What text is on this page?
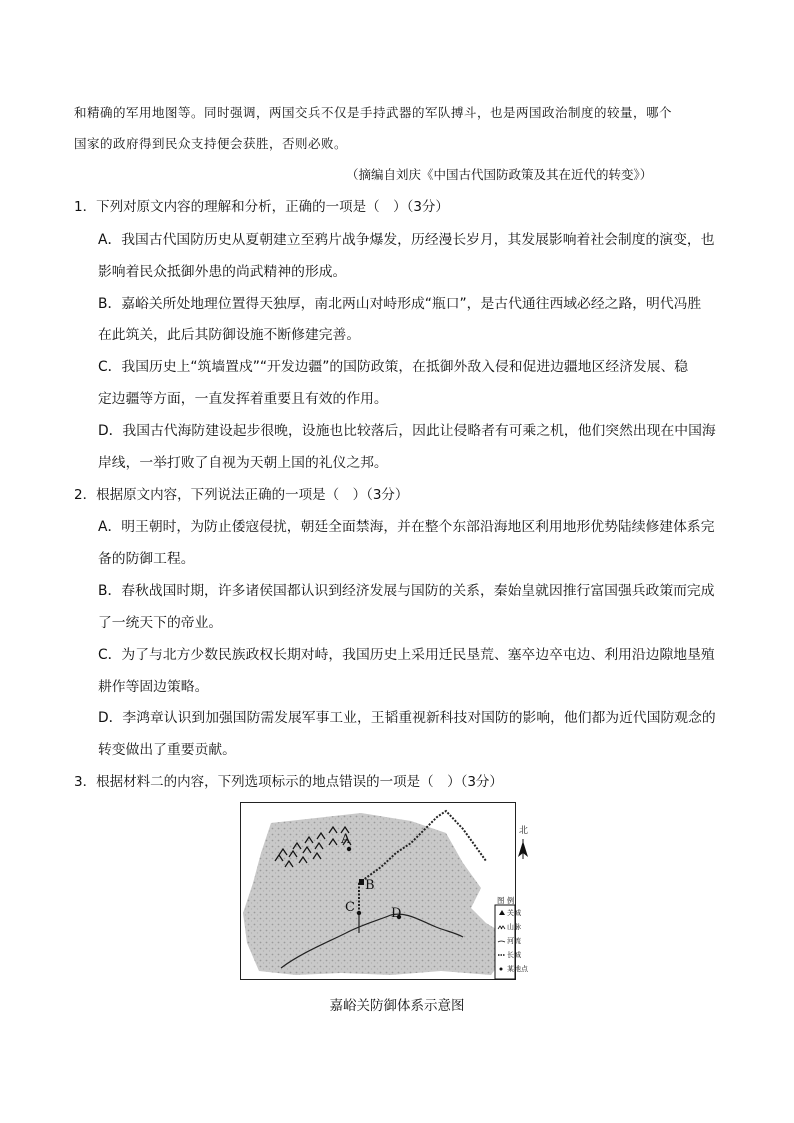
和精确的军用地图等。同时强调，两国交兵不仅是手持武器的军队搏斗，也是两国政治制度的较量，哪个
国家的政府得到民众支持便会获胜，否则必败。
（摘编自刘庆《中国古代国防政策及其在近代的转变》）
1．下列对原文内容的理解和分析，正确的一项是（　）（3分）
A．我国古代国防历史从夏朝建立至鸦片战争爆发，历经漫长岁月，其发展影响着社会制度的演变，也
影响着民众抵御外患的尚武精神的形成。
B．嘉峪关所处地理位置得天独厚，南北两山对峙形成“瓶口”，是古代通往西域必经之路，明代冯胜
在此筑关，此后其防御设施不断修建完善。
C．我国历史上“筑墙置戍”“开发边疆”的国防政策，在抵御外敌入侵和促进边疆地区经济发展、稳
定边疆等方面，一直发挥着重要且有效的作用。
D．我国古代海防建设起步很晚，设施也比较落后，因此让侵略者有可乘之机，他们突然出现在中国海
岸线，一举打败了自视为天朝上国的礼仪之邦。
2．根据原文内容，下列说法正确的一项是（　）（3分）
A．明王朝时，为防止倭寇侵扰，朝廷全面禁海，并在整个东部沿海地区利用地形优势陆续修建体系完
备的防御工程。
B．春秋战国时期，许多诸侯国都认识到经济发展与国防的关系，秦始皇就因推行富国强兵政策而完成
了一统天下的帝业。
C．为了与北方少数民族政权长期对峙，我国历史上采用迁民垦荒、塞卒边卒屯边、利用沿边隙地垦殖
耕作等固边策略。
D．李鸿章认识到加强国防需发展军事工业，王韬重视新科技对国防的影响，他们都为近代国防观念的
转变做出了重要贡献。
3．根据材料二的内容，下列选项标示的地点错误的一项是（　）（3分）
A
B
C	D
北
图 例
关城
山脉
河流
长城
某地点
嘉峪关防御体系示意图
